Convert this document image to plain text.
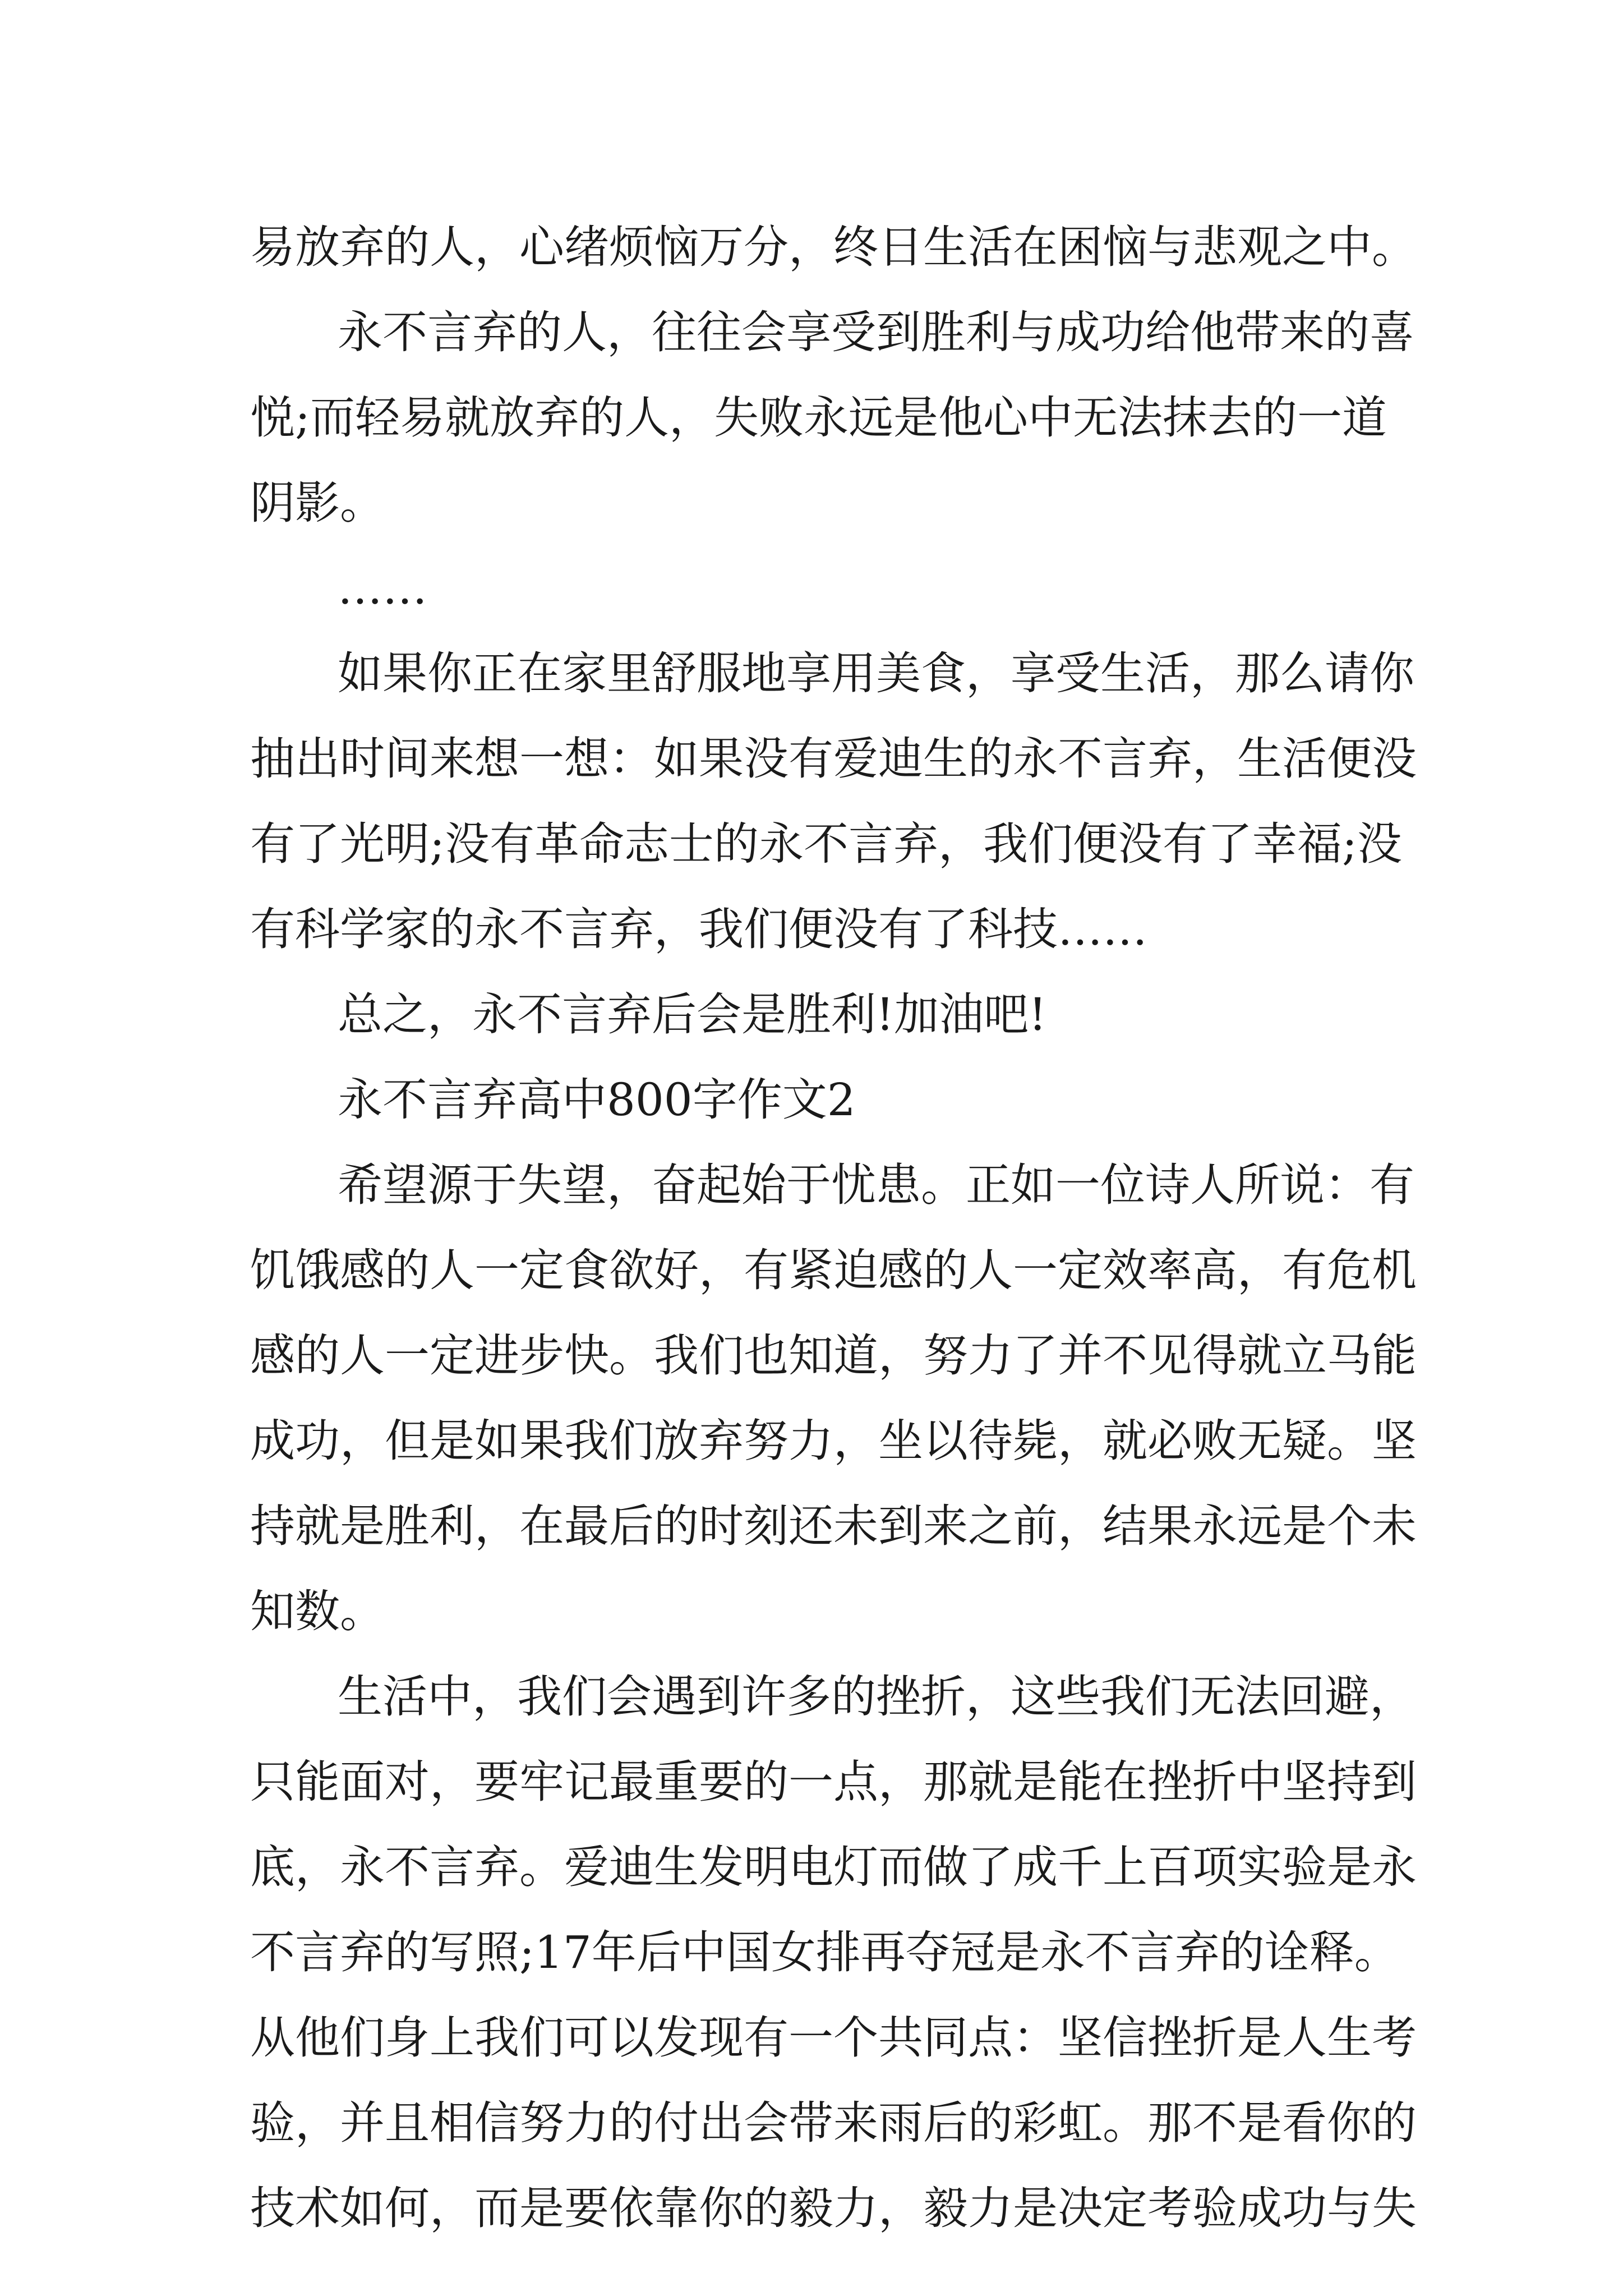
易放弃的人，心绪烦恼万分，终日生活在困恼与悲观之中。
永不言弃的人，往往会享受到胜利与成功给他带来的喜
悦;而轻易就放弃的人，失败永远是他心中无法抹去的一道
阴影。
……
如果你正在家里舒服地享用美食，享受生活，那么请你
抽出时间来想一想：如果没有爱迪生的永不言弃，生活便没
有了光明;没有革命志士的永不言弃，我们便没有了幸福;没
有科学家的永不言弃，我们便没有了科技……
总之，永不言弃后会是胜利!加油吧!
永不言弃高中800字作文2
希望源于失望，奋起始于忧患。正如一位诗人所说：有
饥饿感的人一定食欲好，有紧迫感的人一定效率高，有危机
感的人一定进步快。我们也知道，努力了并不见得就立马能
成功，但是如果我们放弃努力，坐以待毙，就必败无疑。坚
持就是胜利，在最后的时刻还未到来之前，结果永远是个未
知数。
生活中，我们会遇到许多的挫折，这些我们无法回避，
只能面对，要牢记最重要的一点，那就是能在挫折中坚持到
底，永不言弃。爱迪生发明电灯而做了成千上百项实验是永
不言弃的写照;17年后中国女排再夺冠是永不言弃的诠释。
从他们身上我们可以发现有一个共同点：坚信挫折是人生考
验，并且相信努力的付出会带来雨后的彩虹。那不是看你的
技术如何，而是要依靠你的毅力，毅力是决定考验成功与失
